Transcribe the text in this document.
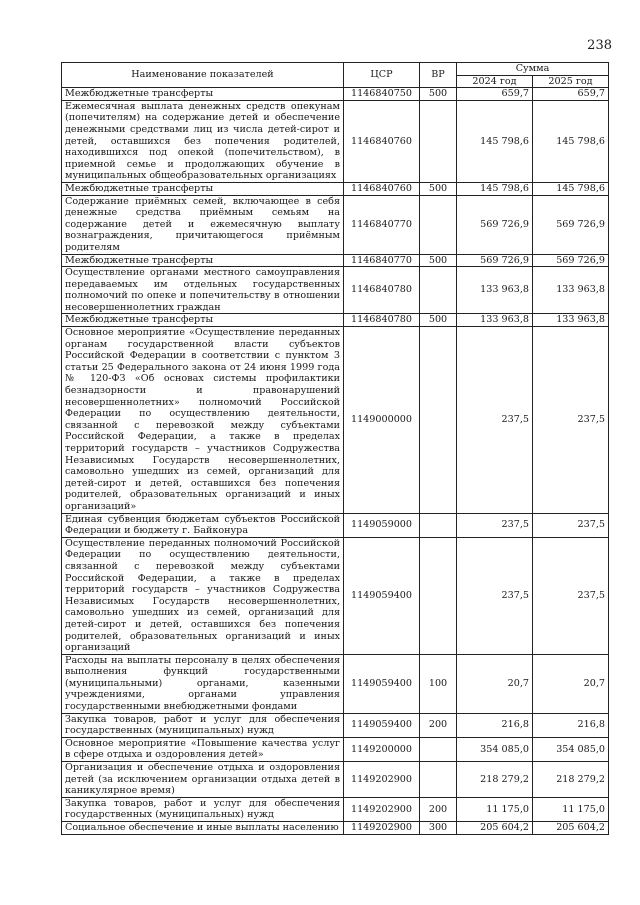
238
Наименование показателей	ЦСР	ВР	Сумма	
			2024 год	2025 год
Межбюджетные трансферты	1146840750	500	659,7	659,7
Ежемесячная выплата денежных средств опекунам (попечителям) на содержание детей и обеспечение денежными средствами лиц из числа детей-сирот и детей, оставшихся без попечения родителей, находившихся под опекой (попечительством), в приемной семье и продолжающих обучение в муниципальных общеобразовательных организациях	1146840760		145 798,6	145 798,6
Межбюджетные трансферты	1146840760	500	145 798,6	145 798,6
Содержание приёмных семей, включающее в себя денежные средства приёмным семьям на содержание детей и ежемесячную выплату вознаграждения, причитающегося приёмным родителям	1146840770		569 726,9	569 726,9
Межбюджетные трансферты	1146840770	500	569 726,9	569 726,9
Осуществление органами местного самоуправления передаваемых им отдельных государственных полномочий по опеке и попечительству в отношении несовершеннолетних граждан	1146840780		133 963,8	133 963,8
Межбюджетные трансферты	1146840780	500	133 963,8	133 963,8
Основное мероприятие «Осуществление переданных органам государственной власти субъектов Российской Федерации в соответствии с пунктом 3 статьи 25 Федерального закона от 24 июня 1999 года № 120-ФЗ «Об основах системы профилактики безнадзорности и правонарушений несовершеннолетних» полномочий Российской Федерации по осуществлению деятельности, связанной с перевозкой между субъектами Российской Федерации, а также в пределах территорий государств – участников Содружества Независимых Государств несовершеннолетних, самовольно ушедших из семей, организаций для детей-сирот и детей, оставшихся без попечения родителей, образовательных организаций и иных организаций»	1149000000		237,5	237,5
Единая субвенция бюджетам субъектов Российской Федерации и бюджету г. Байконура	1149059000		237,5	237,5
Осуществление переданных полномочий Российской Федерации по осуществлению деятельности, связанной с перевозкой между субъектами Российской Федерации, а также в пределах территорий государств – участников Содружества Независимых Государств несовершеннолетних, самовольно ушедших из семей, организаций для детей-сирот и детей, оставшихся без попечения родителей, образовательных организаций и иных организаций	1149059400		237,5	237,5
Расходы на выплаты персоналу в целях обеспечения выполнения функций государственными (муниципальными) органами, казенными учреждениями, органами управления государственными внебюджетными фондами	1149059400	100	20,7	20,7
Закупка товаров, работ и услуг для обеспечения государственных (муниципальных) нужд	1149059400	200	216,8	216,8
Основное мероприятие «Повышение качества услуг в сфере отдыха и оздоровления детей»	1149200000		354 085,0	354 085,0
Организация и обеспечение отдыха и оздоровления детей (за исключением организации отдыха детей в каникулярное время)	1149202900		218 279,2	218 279,2
Закупка товаров, работ и услуг для обеспечения государственных (муниципальных) нужд	1149202900	200	11 175,0	11 175,0
Социальное обеспечение и иные выплаты населению	1149202900	300	205 604,2	205 604,2
